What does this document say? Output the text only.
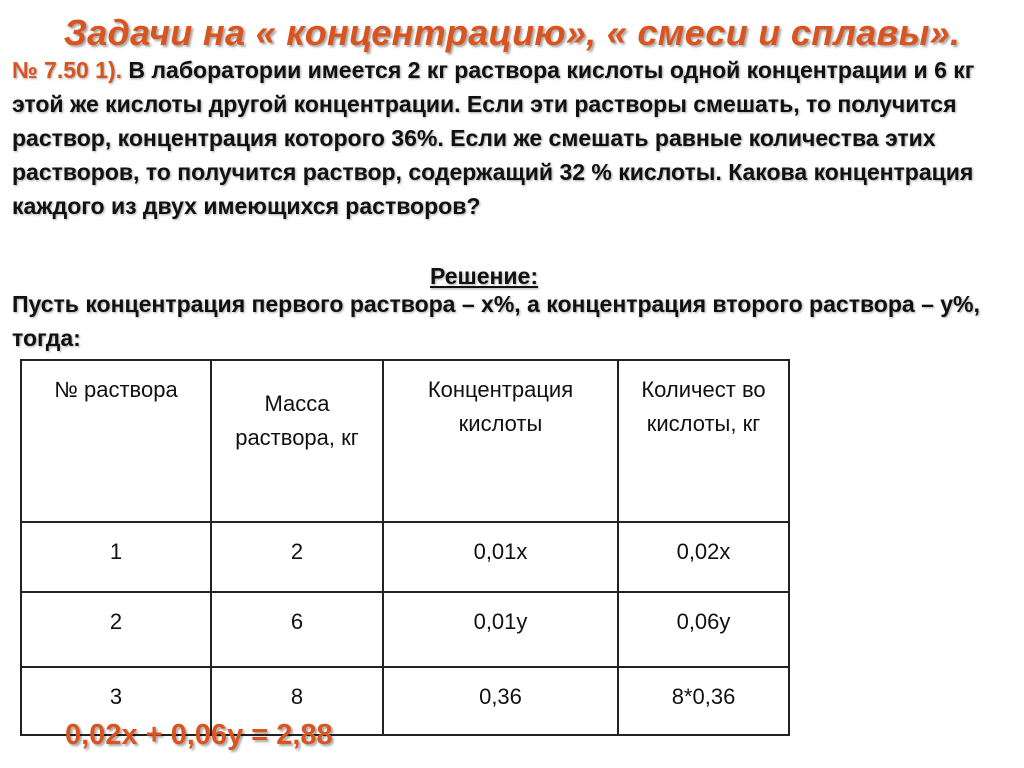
Задачи на « концентрацию», « смеси и сплавы».
№ 7.50 1). В лаборатории имеется 2 кг раствора кислоты одной концентрации и 6 кг этой же кислоты другой концентрации. Если эти растворы смешать, то получится раствор, концентрация которого 36%. Если же смешать равные количества этих растворов, то получится раствор, содержащий 32 % кислоты. Какова концентрация каждого из двух имеющихся растворов?
Решение:
Пусть концентрация первого раствора – х%, а концентрация второго раствора – у%, тогда:
№ раствора	Масса раствора, кг	Концентрация кислоты	Количест во кислоты, кг
1	2	0,01х	0,02х
2	6	0,01у	0,06у
3	8	0,36	8*0,36
0,02х + 0,06у = 2,88
